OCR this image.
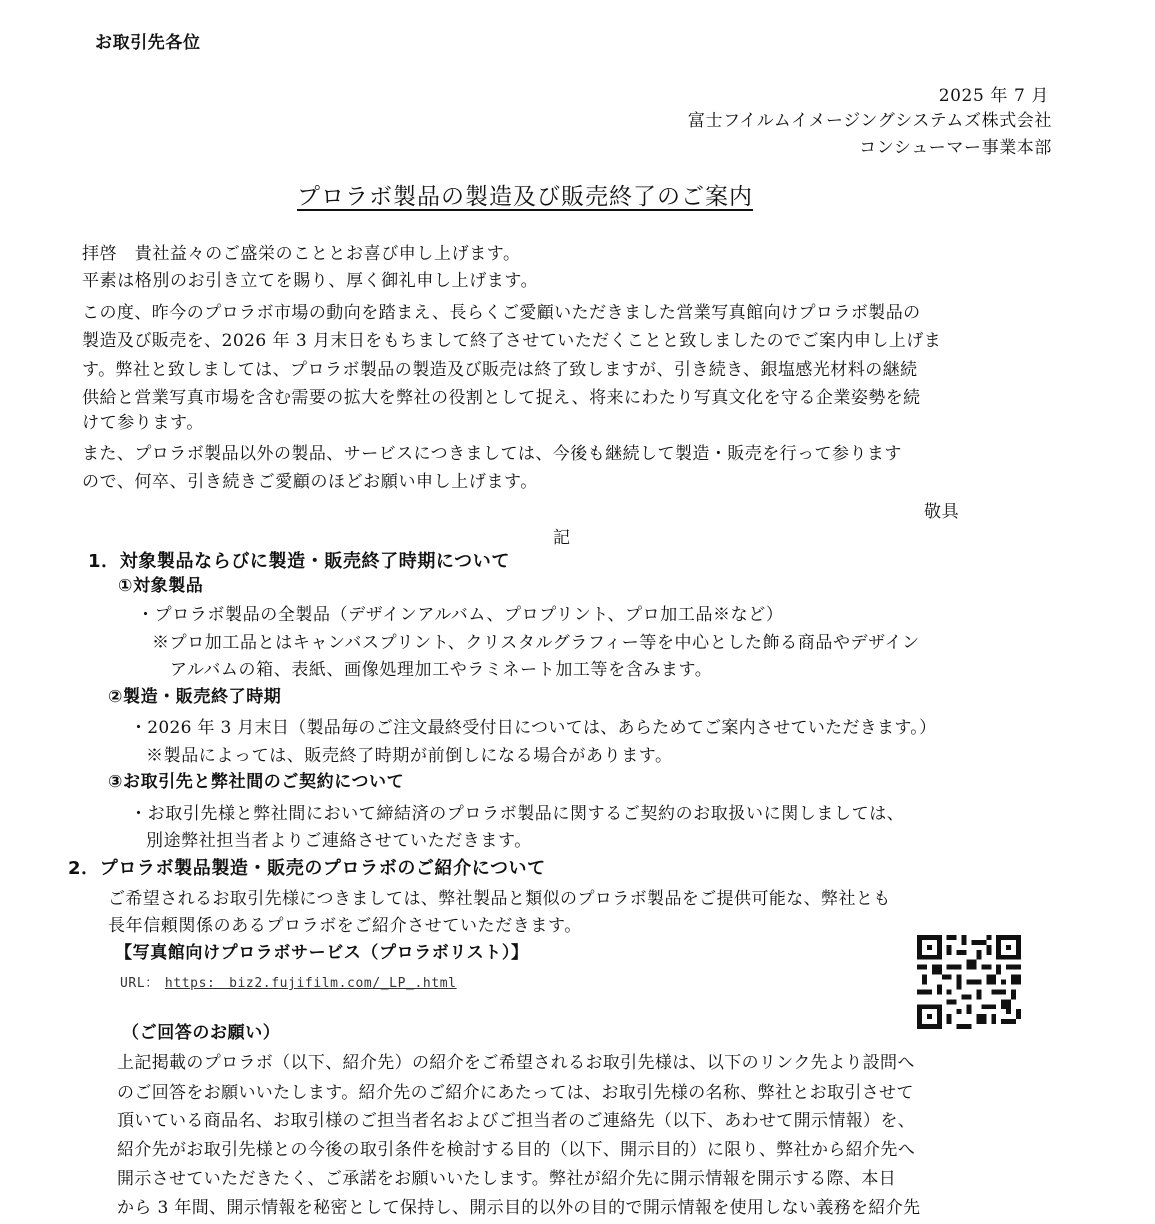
お取引先各位
2025 年 7 月
富士フイルムイメージングシステムズ株式会社
コンシューマー事業本部
プロラボ製品の製造及び販売終了のご案内
拝啓　貴社益々のご盛栄のこととお喜び申し上げます。
平素は格別のお引き立てを賜り、厚く御礼申し上げます。
この度、昨今のプロラボ市場の動向を踏まえ、長らくご愛顧いただきました営業写真館向けプロラボ製品の
製造及び販売を、2026 年 3 月末日をもちまして終了させていただくことと致しましたのでご案内申し上げま
す。弊社と致しましては、プロラボ製品の製造及び販売は終了致しますが、引き続き、銀塩感光材料の継続
供給と営業写真市場を含む需要の拡大を弊社の役割として捉え、将来にわたり写真文化を守る企業姿勢を続
けて参ります。
また、プロラボ製品以外の製品、サービスにつきましては、今後も継続して製造・販売を行って参ります
ので、何卒、引き続きご愛顧のほどお願い申し上げます。
敬具
記
1．対象製品ならびに製造・販売終了時期について
①対象製品
・プロラボ製品の全製品（デザインアルバム、プロプリント、プロ加工品※など）
※プロ加工品とはキャンバスプリント、クリスタルグラフィー等を中心とした飾る商品やデザイン
アルバムの箱、表紙、画像処理加工やラミネート加工等を含みます。
②製造・販売終了時期
・2026 年 3 月末日（製品毎のご注文最終受付日については、あらためてご案内させていただきます。）
※製品によっては、販売終了時期が前倒しになる場合があります。
③お取引先と弊社間のご契約について
・お取引先様と弊社間において締結済のプロラボ製品に関するご契約のお取扱いに関しましては、
別途弊社担当者よりご連絡させていただきます。
2．プロラボ製品製造・販売のプロラボのご紹介について
ご希望されるお取引先様につきましては、弊社製品と類似のプロラボ製品をご提供可能な、弊社とも
長年信頼関係のあるプロラボをご紹介させていただきます。
【写真館向けプロラボサービス（プロラボリスト）】
URL： https:　biz2.fujifilm.com/_LP_.html
（ご回答のお願い）
上記掲載のプロラボ（以下、紹介先）の紹介をご希望されるお取引先様は、以下のリンク先より設問へ
のご回答をお願いいたします。紹介先のご紹介にあたっては、お取引先様の名称、弊社とお取引させて
頂いている商品名、お取引様のご担当者名およびご担当者のご連絡先（以下、あわせて開示情報）を、
紹介先がお取引先様との今後の取引条件を検討する目的（以下、開示目的）に限り、弊社から紹介先へ
開示させていただきたく、ご承諾をお願いいたします。弊社が紹介先に開示情報を開示する際、本日
から 3 年間、開示情報を秘密として保持し、開示目的以外の目的で開示情報を使用しない義務を紹介先
